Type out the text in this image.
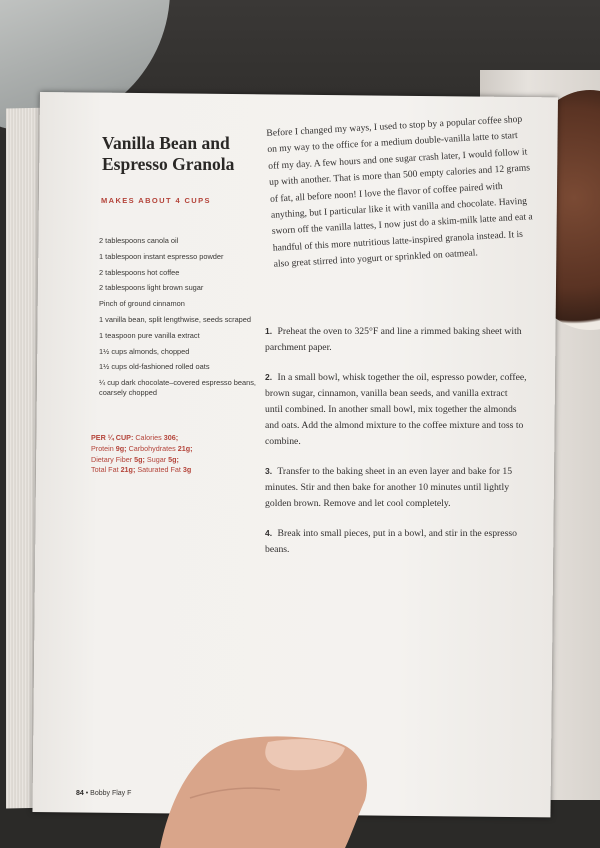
Vanilla Bean and Espresso Granola
MAKES ABOUT 4 CUPS
2 tablespoons canola oil
1 tablespoon instant espresso powder
2 tablespoons hot coffee
2 tablespoons light brown sugar
Pinch of ground cinnamon
1 vanilla bean, split lengthwise, seeds scraped
1 teaspoon pure vanilla extract
1½ cups almonds, chopped
1½ cups old-fashioned rolled oats
¼ cup dark chocolate–covered espresso beans, coarsely chopped
PER ¼ CUP: Calories 306;
Protein 9g; Carbohydrates 21g;
Dietary Fiber 5g; Sugar 5g;
Total Fat 21g; Saturated Fat 3g
Before I changed my ways, I used to stop by a popular coffee shop on my way to the office for a medium double-vanilla latte to start off my day. A few hours and one sugar crash later, I would follow it up with another. That is more than 500 empty calories and 12 grams of fat, all before noon! I love the flavor of coffee paired with anything, but I particular like it with vanilla and chocolate. Having sworn off the vanilla lattes, I now just do a skim-milk latte and eat a handful of this more nutritious latte-inspired granola instead. It is also great stirred into yogurt or sprinkled on oatmeal.
1. Preheat the oven to 325°F and line a rimmed baking sheet with parchment paper.
2. In a small bowl, whisk together the oil, espresso powder, coffee, brown sugar, cinnamon, vanilla bean seeds, and vanilla extract until combined. In another small bowl, mix together the almonds and oats. Add the almond mixture to the coffee mixture and toss to combine.
3. Transfer to the baking sheet in an even layer and bake for 15 minutes. Stir and then bake for another 10 minutes until lightly golden brown. Remove and let cool completely.
4. Break into small pieces, put in a bowl, and stir in the espresso beans.
84 • Bobby Flay F
